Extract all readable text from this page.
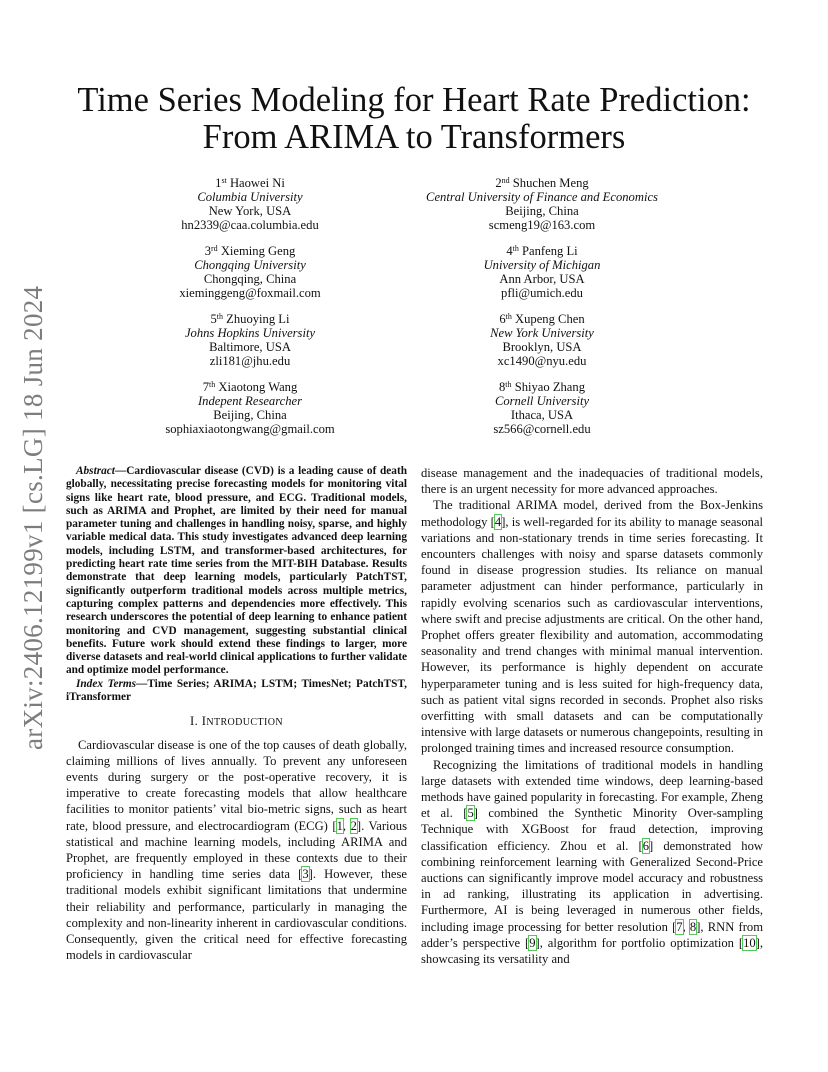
arXiv:2406.12199v1 [cs.LG] 18 Jun 2024
Time Series Modeling for Heart Rate Prediction:
From ARIMA to Transformers
1st Haowei Ni
Columbia University
New York, USA
hn2339@caa.columbia.edu
2nd Shuchen Meng
Central University of Finance and Economics
Beijing, China
scmeng19@163.com
3rd Xieming Geng
Chongqing University
Chongqing, China
xieminggeng@foxmail.com
4th Panfeng Li
University of Michigan
Ann Arbor, USA
pfli@umich.edu
5th Zhuoying Li
Johns Hopkins University
Baltimore, USA
zli181@jhu.edu
6th Xupeng Chen
New York University
Brooklyn, USA
xc1490@nyu.edu
7th Xiaotong Wang
Indepent Researcher
Beijing, China
sophiaxiaotongwang@gmail.com
8th Shiyao Zhang
Cornell University
Ithaca, USA
sz566@cornell.edu

Abstract—Cardiovascular disease (CVD) is a leading cause of death globally, necessitating precise forecasting models for monitoring vital signs like heart rate, blood pressure, and ECG. Traditional models, such as ARIMA and Prophet, are limited by their need for manual parameter tuning and challenges in handling noisy, sparse, and highly variable medical data. This study investigates advanced deep learning models, including LSTM, and transformer-based architectures, for predicting heart rate time series from the MIT-BIH Database. Results demonstrate that deep learning models, particularly PatchTST, significantly outperform traditional models across multiple metrics, capturing complex patterns and dependencies more effectively. This research underscores the potential of deep learning to enhance patient monitoring and CVD management, suggesting substantial clinical benefits. Future work should extend these findings to larger, more diverse datasets and real-world clinical applications to further validate and optimize model performance.

Index Terms—Time Series; ARIMA; LSTM; TimesNet; PatchTST, iTransformer

I. INTRODUCTION

Cardiovascular disease is one of the top causes of death globally, claiming millions of lives annually. To prevent any unforeseen events during surgery or the post-operative recovery, it is imperative to create forecasting models that allow healthcare facilities to monitor patients’ vital bio-metric signs, such as heart rate, blood pressure, and electrocardiogram (ECG) [1, 2]. Various statistical and machine learning models, including ARIMA and Prophet, are frequently employed in these contexts due to their proficiency in handling time series data [3]. However, these traditional models exhibit significant limitations that undermine their reliability and performance, particularly in managing the complexity and non-linearity inherent in cardiovascular conditions. Consequently, given the critical need for effective forecasting models in cardiovascular

disease management and the inadequacies of traditional models, there is an urgent necessity for more advanced approaches.

The traditional ARIMA model, derived from the Box-Jenkins methodology [4], is well-regarded for its ability to manage seasonal variations and non-stationary trends in time series forecasting. It encounters challenges with noisy and sparse datasets commonly found in disease progression studies. Its reliance on manual parameter adjustment can hinder performance, particularly in rapidly evolving scenarios such as cardiovascular interventions, where swift and precise adjustments are critical. On the other hand, Prophet offers greater flexibility and automation, accommodating seasonality and trend changes with minimal manual intervention. However, its performance is highly dependent on accurate hyperparameter tuning and is less suited for high-frequency data, such as patient vital signs recorded in seconds. Prophet also risks overfitting with small datasets and can be computationally intensive with large datasets or numerous changepoints, resulting in prolonged training times and increased resource consumption.

Recognizing the limitations of traditional models in handling large datasets with extended time windows, deep learning-based methods have gained popularity in forecasting. For example, Zheng et al. [5] combined the Synthetic Minority Over-sampling Technique with XGBoost for fraud detection, improving classification efficiency. Zhou et al. [6] demonstrated how combining reinforcement learning with Generalized Second-Price auctions can significantly improve model accuracy and robustness in ad ranking, illustrating its application in advertising. Furthermore, AI is being leveraged in numerous other fields, including image processing for better resolution [7, 8], RNN from adder’s perspective [9], algorithm for portfolio optimization [10], showcasing its versatility and
